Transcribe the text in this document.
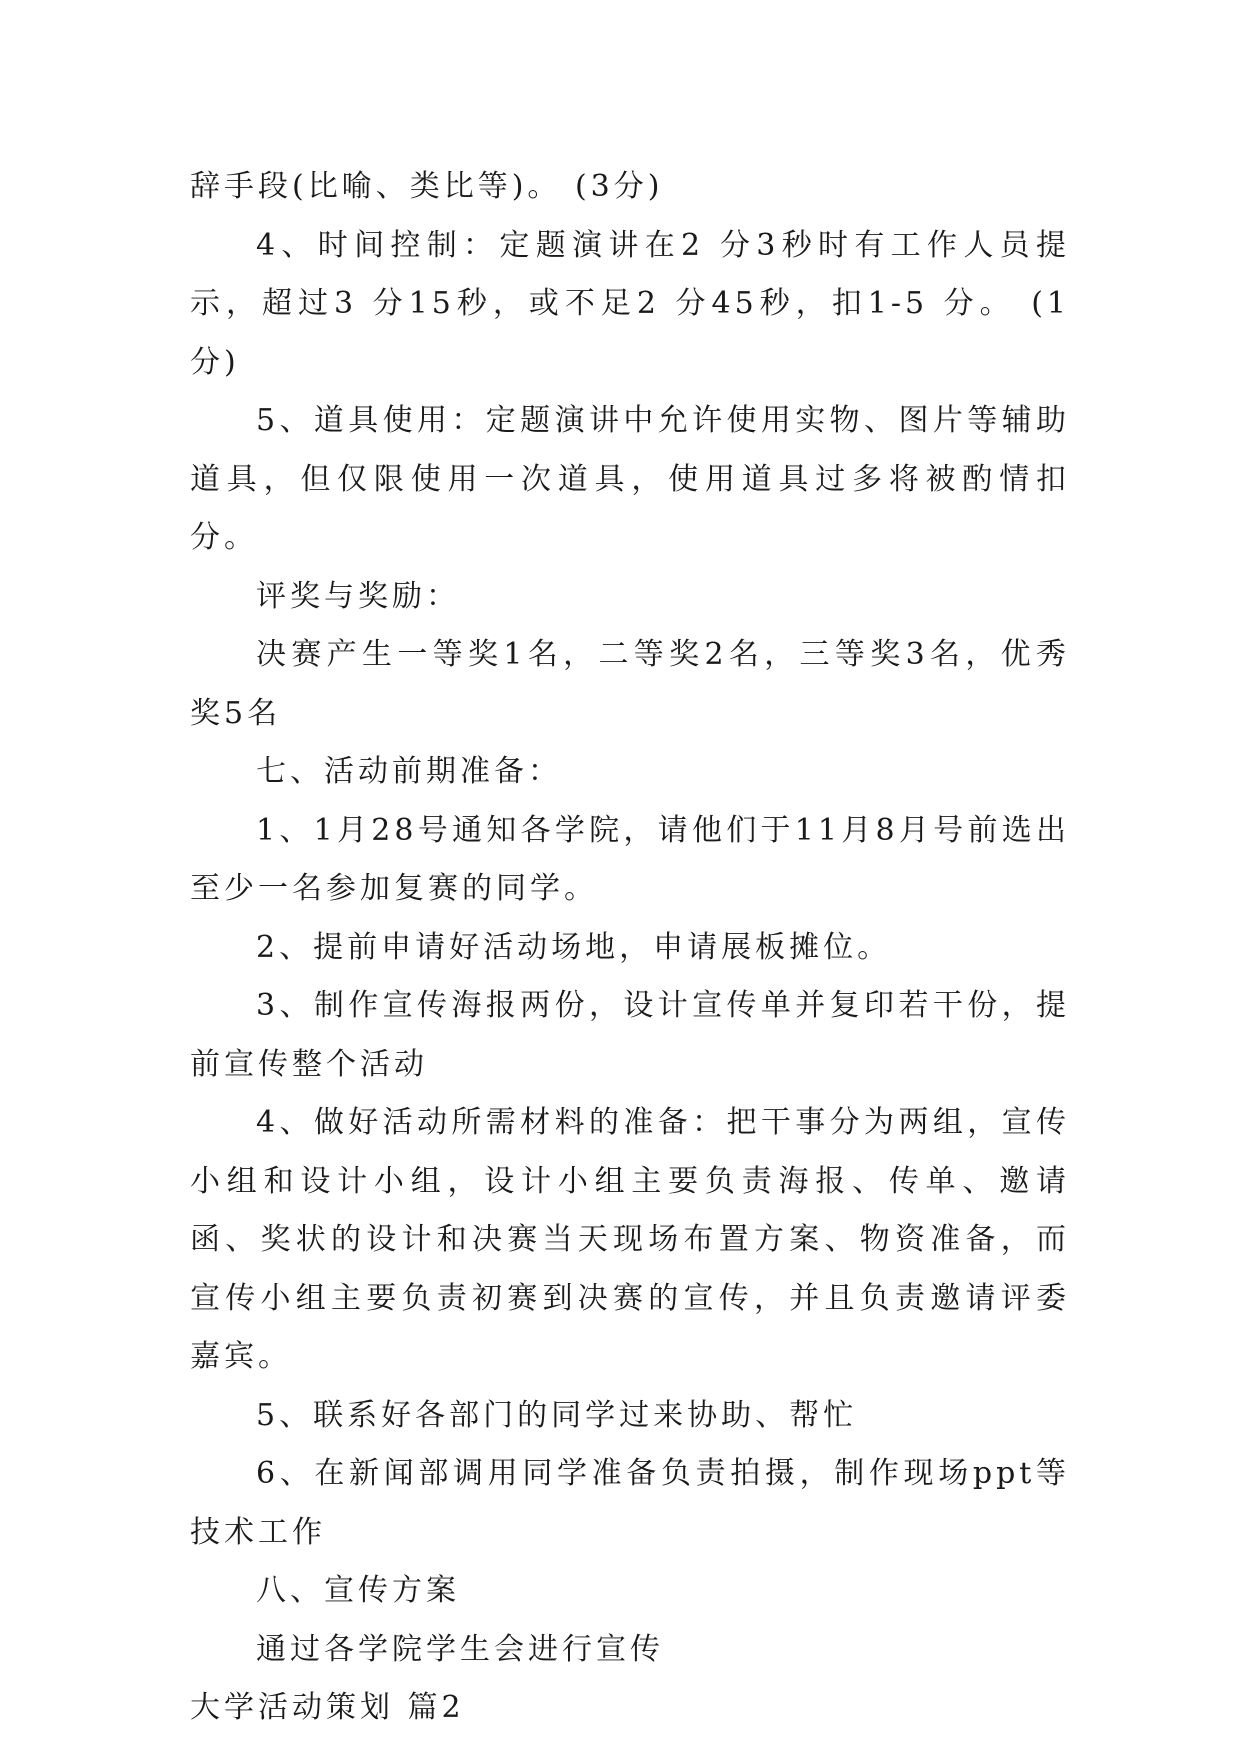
辞手段(比喻、类比等)。 (3分)

4、时间控制：定题演讲在2 分3秒时有工作人员提示，超过3 分15秒，或不足2 分45秒，扣1-5 分。 (1分)

5、道具使用：定题演讲中允许使用实物、图片等辅助道具，但仅限使用一次道具，使用道具过多将被酌情扣分。

评奖与奖励：

决赛产生一等奖1名，二等奖2名，三等奖3名，优秀奖5名

七、活动前期准备：

1、1月28号通知各学院，请他们于11月8月号前选出至少一名参加复赛的同学。

2、提前申请好活动场地，申请展板摊位。

3、制作宣传海报两份，设计宣传单并复印若干份，提前宣传整个活动

4、做好活动所需材料的准备：把干事分为两组，宣传小组和设计小组，设计小组主要负责海报、传单、邀请函、奖状的设计和决赛当天现场布置方案、物资准备，而宣传小组主要负责初赛到决赛的宣传，并且负责邀请评委嘉宾。

5、联系好各部门的同学过来协助、帮忙

6、在新闻部调用同学准备负责拍摄，制作现场ppt等技术工作

八、宣传方案

通过各学院学生会进行宣传

大学活动策划 篇2
